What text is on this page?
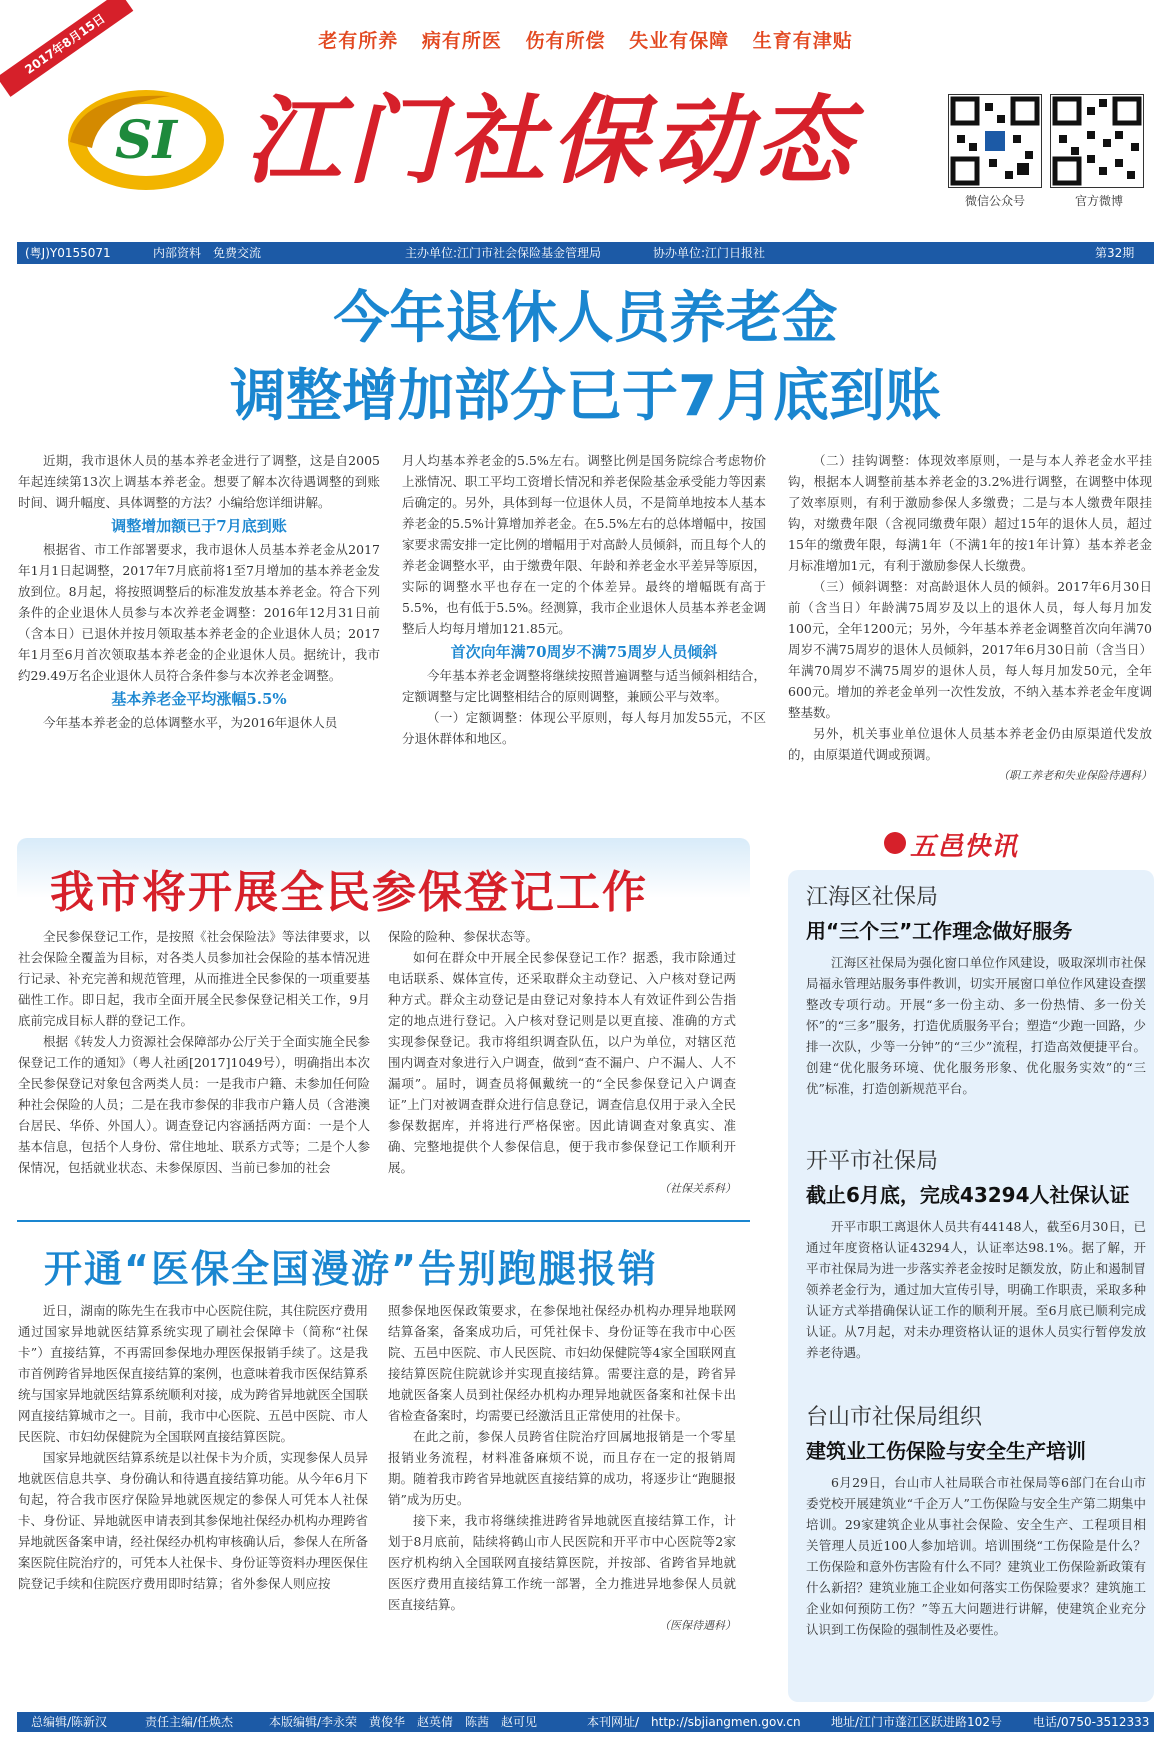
老有所养 病有所医 伤有所偿 失业有保障 生育有津贴
2017年8月15日
SI 江门社保动态
微信公众号	官方微博
(粤J)Y0155071	内部资料　免费交流	主办单位:江门市社会保险基金管理局	协办单位:江门日报社	第32期
今年退休人员养老金
调整增加部分已于7月底到账

近期，我市退休人员的基本养老金进行了调整，这是自2005年起连续第13次上调基本养老金。想要了解本次待遇调整的到账时间、调升幅度、具体调整的方法？小编给您详细讲解。

调整增加额已于7月底到账

根据省、市工作部署要求，我市退休人员基本养老金从2017年1月1日起调整，2017年7月底前将1至7月增加的基本养老金发放到位。8月起，将按照调整后的标准发放基本养老金。符合下列条件的企业退休人员参与本次养老金调整：2016年12月31日前（含本日）已退休并按月领取基本养老金的企业退休人员；2017年1月至6月首次领取基本养老金的企业退休人员。据统计，我市约29.49万名企业退休人员符合条件参与本次养老金调整。

基本养老金平均涨幅5.5%

今年基本养老金的总体调整水平，为2016年退休人员

月人均基本养老金的5.5%左右。调整比例是国务院综合考虑物价上涨情况、职工平均工资增长情况和养老保险基金承受能力等因素后确定的。另外，具体到每一位退休人员，不是简单地按本人基本养老金的5.5%计算增加养老金。在5.5%左右的总体增幅中，按国家要求需安排一定比例的增幅用于对高龄人员倾斜，而且每个人的养老金调整水平，由于缴费年限、年龄和养老金水平差异等原因，实际的调整水平也存在一定的个体差异。最终的增幅既有高于5.5%，也有低于5.5%。经测算，我市企业退休人员基本养老金调整后人均每月增加121.85元。

首次向年满70周岁不满75周岁人员倾斜

今年基本养老金调整将继续按照普遍调整与适当倾斜相结合，定额调整与定比调整相结合的原则调整，兼顾公平与效率。

（一）定额调整：体现公平原则，每人每月加发55元，不区分退休群体和地区。

（二）挂钩调整：体现效率原则，一是与本人养老金水平挂钩，根据本人调整前基本养老金的3.2%进行调整，在调整中体现了效率原则，有利于激励参保人多缴费；二是与本人缴费年限挂钩，对缴费年限（含视同缴费年限）超过15年的退休人员，超过15年的缴费年限，每满1年（不满1年的按1年计算）基本养老金月标准增加1元，有利于激励参保人长缴费。

（三）倾斜调整：对高龄退休人员的倾斜。2017年6月30日前（含当日）年龄满75周岁及以上的退休人员，每人每月加发100元，全年1200元；另外，今年基本养老金调整首次向年满70周岁不满75周岁的退休人员倾斜，2017年6月30日前（含当日）年满70周岁不满75周岁的退休人员，每人每月加发50元，全年600元。增加的养老金单列一次性发放，不纳入基本养老金年度调整基数。

另外，机关事业单位退休人员基本养老金仍由原渠道代发放的，由原渠道代调或预调。

（职工养老和失业保险待遇科）
我市将开展全民参保登记工作

全民参保登记工作，是按照《社会保险法》等法律要求，以社会保险全覆盖为目标，对各类人员参加社会保险的基本情况进行记录、补充完善和规范管理，从而推进全民参保的一项重要基础性工作。即日起，我市全面开展全民参保登记相关工作，9月底前完成目标人群的登记工作。

根据《转发人力资源社会保障部办公厅关于全面实施全民参保登记工作的通知》（粤人社函[2017]1049号），明确指出本次全民参保登记对象包含两类人员：一是我市户籍、未参加任何险种社会保险的人员；二是在我市参保的非我市户籍人员（含港澳台居民、华侨、外国人）。调查登记内容涵括两方面：一是个人基本信息，包括个人身份、常住地址、联系方式等；二是个人参保情况，包括就业状态、未参保原因、当前已参加的社会

保险的险种、参保状态等。

如何在群众中开展全民参保登记工作？据悉，我市除通过电话联系、媒体宣传，还采取群众主动登记、入户核对登记两种方式。群众主动登记是由登记对象持本人有效证件到公告指定的地点进行登记。入户核对登记则是以更直接、准确的方式实现参保登记。我市将组织调查队伍，以户为单位，对辖区范围内调查对象进行入户调查，做到“查不漏户、户不漏人、人不漏项”。届时，调查员将佩戴统一的“全民参保登记入户调查证”上门对被调查群众进行信息登记，调查信息仅用于录入全民参保数据库，并将进行严格保密。因此请调查对象真实、准确、完整地提供个人参保信息，便于我市参保登记工作顺利开展。

（社保关系科）
开通“医保全国漫游”告别跑腿报销

近日，湖南的陈先生在我市中心医院住院，其住院医疗费用通过国家异地就医结算系统实现了刷社会保障卡（简称“社保卡”）直接结算，不再需回参保地办理医保报销手续了。这是我市首例跨省异地医保直接结算的案例，也意味着我市医保结算系统与国家异地就医结算系统顺利对接，成为跨省异地就医全国联网直接结算城市之一。目前，我市中心医院、五邑中医院、市人民医院、市妇幼保健院为全国联网直接结算医院。

国家异地就医结算系统是以社保卡为介质，实现参保人员异地就医信息共享、身份确认和待遇直接结算功能。从今年6月下旬起，符合我市医疗保险异地就医规定的参保人可凭本人社保卡、身份证、异地就医申请表到其参保地社保经办机构办理跨省异地就医备案申请，经社保经办机构审核确认后，参保人在所备案医院住院治疗的，可凭本人社保卡、身份证等资料办理医保住院登记手续和住院医疗费用即时结算；省外参保人则应按

照参保地医保政策要求，在参保地社保经办机构办理异地联网结算备案，备案成功后，可凭社保卡、身份证等在我市中心医院、五邑中医院、市人民医院、市妇幼保健院等4家全国联网直接结算医院住院就诊并实现直接结算。需要注意的是，跨省异地就医备案人员到社保经办机构办理异地就医备案和社保卡出省检查备案时，均需要已经激活且正常使用的社保卡。

在此之前，参保人员跨省住院治疗回属地报销是一个零星报销业务流程，材料准备麻烦不说，而且存在一定的报销周期。随着我市跨省异地就医直接结算的成功，将逐步让“跑腿报销”成为历史。

接下来，我市将继续推进跨省异地就医直接结算工作，计划于8月底前，陆续将鹤山市人民医院和开平市中心医院等2家医疗机构纳入全国联网直接结算医院，并按部、省跨省异地就医医疗费用直接结算工作统一部署，全力推进异地参保人员就医直接结算。

（医保待遇科）
五邑快讯
江海区社保局
用“三个三”工作理念做好服务

江海区社保局为强化窗口单位作风建设，吸取深圳市社保局福永管理站服务事件教训，切实开展窗口单位作风建设查摆整改专项行动。开展“多一份主动、多一份热情、多一份关怀”的“三多”服务，打造优质服务平台；塑造“少跑一回路，少排一次队，少等一分钟”的“三少”流程，打造高效便捷平台。创建“优化服务环境、优化服务形象、优化服务实效”的“三优”标准，打造创新规范平台。

开平市社保局
截止6月底，完成43294人社保认证

开平市职工离退休人员共有44148人，截至6月30日，已通过年度资格认证43294人，认证率达98.1%。据了解，开平市社保局为进一步落实养老金按时足额发放，防止和遏制冒领养老金行为，通过加大宣传引导，明确工作职责，采取多种认证方式举措确保认证工作的顺利开展。至6月底已顺利完成认证。从7月起，对未办理资格认证的退休人员实行暂停发放养老待遇。

台山市社保局组织
建筑业工伤保险与安全生产培训

6月29日，台山市人社局联合市社保局等6部门在台山市委党校开展建筑业“千企万人”工伤保险与安全生产第二期集中培训。29家建筑企业从事社会保险、安全生产、工程项目相关管理人员近100人参加培训。培训围绕“工伤保险是什么？工伤保险和意外伤害险有什么不同？建筑业工伤保险新政策有什么新招？建筑业施工企业如何落实工伤保险要求？建筑施工企业如何预防工伤？”等五大问题进行讲解，使建筑企业充分认识到工伤保险的强制性及必要性。

总编辑/陈新汉	责任主编/任焕杰	本版编辑/李永荣　黄俊华　赵英倩　陈茜　赵可见	本刊网址/　http://sbjiangmen.gov.cn	地址/江门市蓬江区跃进路102号	电话/0750-3512333
